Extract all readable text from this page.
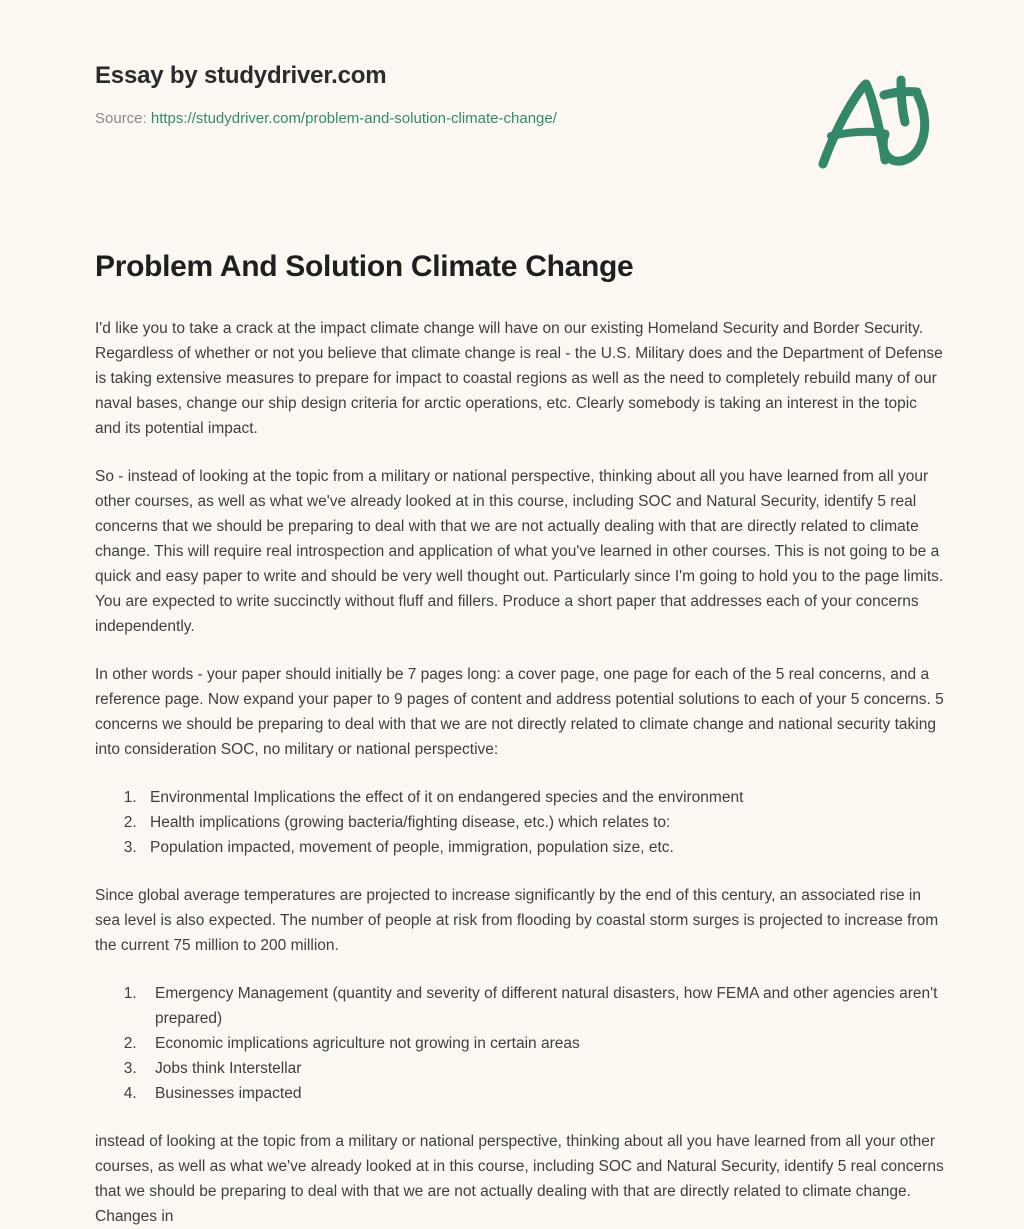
Essay by studydriver.com
Source: https://studydriver.com/problem-and-solution-climate-change/
Problem And Solution Climate Change

I'd like you to take a crack at the impact climate change will have on our existing Homeland Security and Border Security. Regardless of whether or not you believe that climate change is real - the U.S. Military does and the Department of Defense is taking extensive measures to prepare for impact to coastal regions as well as the need to completely rebuild many of our naval bases, change our ship design criteria for arctic operations, etc. Clearly somebody is taking an interest in the topic and its potential impact.

So - instead of looking at the topic from a military or national perspective, thinking about all you have learned from all your other courses, as well as what we've already looked at in this course, including SOC and Natural Security, identify 5 real concerns that we should be preparing to deal with that we are not actually dealing with that are directly related to climate change. This will require real introspection and application of what you've learned in other courses. This is not going to be a quick and easy paper to write and should be very well thought out. Particularly since I'm going to hold you to the page limits. You are expected to write succinctly without fluff and fillers. Produce a short paper that addresses each of your concerns independently.

In other words - your paper should initially be 7 pages long: a cover page, one page for each of the 5 real concerns, and a reference page. Now expand your paper to 9 pages of content and address potential solutions to each of your 5 concerns. 5 concerns we should be preparing to deal with that we are not directly related to climate change and national security taking into consideration SOC, no military or national perspective:

1. Environmental Implications the effect of it on endangered species and the environment
2. Health implications (growing bacteria/fighting disease, etc.) which relates to:
3. Population impacted, movement of people, immigration, population size, etc.

Since global average temperatures are projected to increase significantly by the end of this century, an associated rise in sea level is also expected. The number of people at risk from flooding by coastal storm surges is projected to increase from the current 75 million to 200 million.

1. Emergency Management (quantity and severity of different natural disasters, how FEMA and other agencies aren't prepared)
2. Economic implications agriculture not growing in certain areas
3. Jobs think Interstellar
4. Businesses impacted

instead of looking at the topic from a military or national perspective, thinking about all you have learned from all your other courses, as well as what we've already looked at in this course, including SOC and Natural Security, identify 5 real concerns that we should be preparing to deal with that we are not actually dealing with that are directly related to climate change. Changes in
